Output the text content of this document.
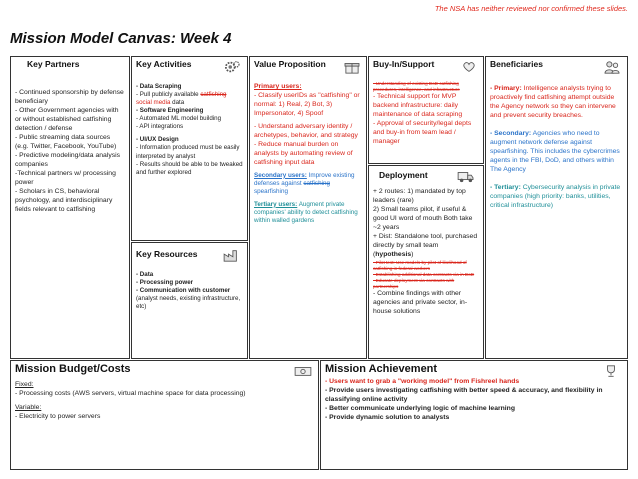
The NSA has neither reviewed nor confirmed these slides.
Mission Model Canvas: Week 4
Key Partners
- Continued sponsorship by defense beneficiary
- Other Government agencies with or without established catfishing detection / defense
- Public streaming data sources (e.g. Twitter, Facebook, YouTube)
- Predictive modeling/data analysis companies
-Technical partners w/ processing power
- Scholars in CS, behavioral psychology, and interdisciplinary fields relevant to catfishing
Key Activities
- Data Scraping
- Pull publicly available catfishing social media data
- Software Engineering
- Automated ML model building
- API integrations
- UI/UX Design
- Information produced must be easily interpreted by analyst
- Results should be able to be tweaked and further explored
Key Resources
- Data
- Processing power
- Communication with customer (analyst needs, existing infrastructure, etc)
Value Proposition
Primary users:
- Classify userIDs as "catfishing" or normal: 1) Real, 2) Bot, 3) Impersonator, 4) Spoof
- Understand adversary identity / archetypes, behavior, and strategy
- Reduce manual burden on analysts by automating review of catfishing input data
Secondary users: Improve existing defenses against catfishing spearfishing
Tertiary users: Augment private companies' ability to detect catfishing within walled gardens
Buy-In/Support
- Understanding of existing DoD catfishing procedures, intelligence, and infrastructure
- Technical support for MVP backend infrastructure: daily maintenance of data scraping
- Approval of security/legal depts and buy-in from team lead / manager
Deployment
+ 2 routes: 1) mandated by top leaders (rare)
2) Small teams pilot, if useful & good UI word of mouth Both take ~2 years
+ Dist: Standalone tool, purchased directly by small team (hypothesis)
- Pilot test: Use models by pilot of likelihood of catfishing in federal workers
- Establishing additional data contracts via in DoD
- Educate deployment via contracts with partnerships
- Combine findings with other agencies and private sector, in-house solutions
Beneficiaries
- Primary: Intelligence analysts trying to proactively find catfishing attempt outside the Agency network so they can intervene and prevent security breaches.
- Secondary: Agencies who need to augment network defense against spearfishing. This includes the cybercrimes agents in the FBI, DoD, and others within The Agency
- Tertiary: Cybersecurity analysis in private companies (high priority: banks, utilities, critical infrastructure)
Mission Budget/Costs
Fixed:
- Processing costs (AWS servers, virtual machine space for data processing)
Variable:
- Electricity to power servers
Mission Achievement
- Users want to grab a "working model" from Fishreel hands
- Provide users investigating catfishing with better speed & accuracy, and flexibility in classifying online activity
- Better communicate underlying logic of machine learning
- Provide dynamic solution to analysts
